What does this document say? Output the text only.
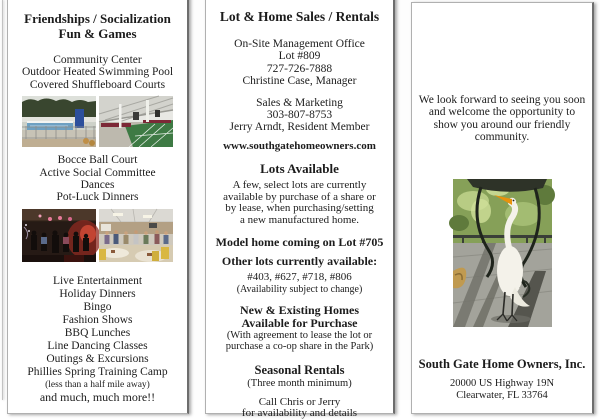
Friendships / Socialization
Fun & Games
Community Center
Outdoor Heated Swimming Pool
Covered Shuffleboard Courts
Bocce Ball Court
Active Social Committee
Dances
Pot-Luck Dinners
Live Entertainment
Holiday Dinners
Bingo
Fashion Shows
BBQ Lunches
Line Dancing Classes
Outings & Excursions
Phillies Spring Training Camp
(less than a half mile away)
and much, much more!!
Lot & Home Sales / Rentals
On-Site Management Office
Lot #809
727-726-7888
Christine Case, Manager
Sales & Marketing
303-807-8753
Jerry Arndt, Resident Member
www.southgatehomeowners.com
Lots Available
A few, select lots are currently
available by purchase of a share or
by lease, when purchasing/setting
a new manufactured home.
Model home coming on Lot #705
Other lots currently available:
#403, #627, #718, #806
(Availability subject to change)
New & Existing Homes
Available for Purchase
(With agreement to lease the lot or
purchase a co-op share in the Park)
Seasonal Rentals
(Three month minimum)
Call Chris or Jerry
for availability and details
We look forward to seeing you soon
and welcome the opportunity to
show you around our friendly
community.
South Gate Home Owners, Inc.
20000 US Highway 19N
Clearwater, FL 33764
